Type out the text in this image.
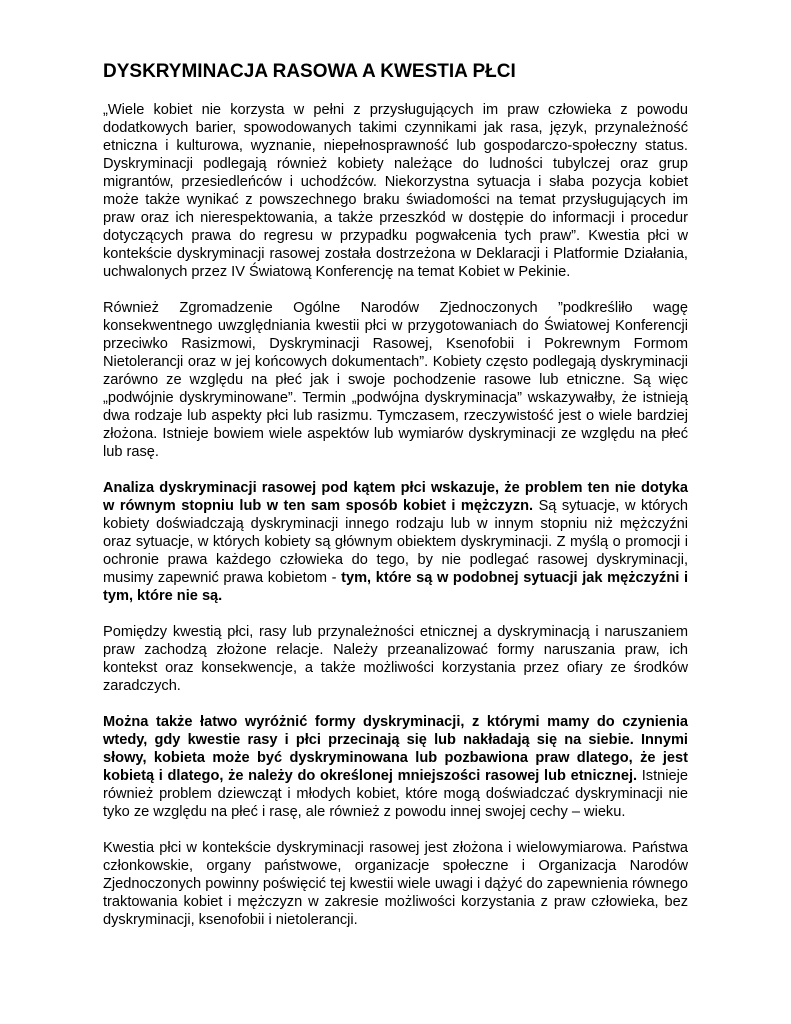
DYSKRYMINACJA RASOWA A KWESTIA PŁCI

„Wiele kobiet nie korzysta w pełni z przysługujących im praw człowieka z powodu dodatkowych barier, spowodowanych takimi czynnikami jak rasa, język, przynależność etniczna i kulturowa, wyznanie, niepełnosprawność lub gospodarczo-społeczny status. Dyskryminacji podlegają również kobiety należące do ludności tubylczej oraz grup migrantów, przesiedleńców i uchodźców. Niekorzystna sytuacja i słaba pozycja kobiet może także wynikać z powszechnego braku świadomości na temat przysługujących im praw oraz ich nierespektowania, a także przeszkód w dostępie do informacji i procedur dotyczących prawa do regresu w przypadku pogwałcenia tych praw”. Kwestia płci w kontekście dyskryminacji rasowej została dostrzeżona w Deklaracji i Platformie Działania, uchwalonych przez IV Światową Konferencję na temat Kobiet w Pekinie.

Również Zgromadzenie Ogólne Narodów Zjednoczonych ”podkreśliło wagę konsekwentnego uwzględniania kwestii płci w przygotowaniach do Światowej Konferencji przeciwko Rasizmowi, Dyskryminacji Rasowej, Ksenofobii i Pokrewnym Formom Nietolerancji oraz w jej końcowych dokumentach”. Kobiety często podlegają dyskryminacji zarówno ze względu na płeć jak i swoje pochodzenie rasowe lub etniczne. Są więc „podwójnie dyskryminowane”. Termin „podwójna dyskryminacja” wskazywałby, że istnieją dwa rodzaje lub aspekty płci lub rasizmu. Tymczasem, rzeczywistość jest o wiele bardziej złożona. Istnieje bowiem wiele aspektów lub wymiarów dyskryminacji ze względu na płeć lub rasę.

Analiza dyskryminacji rasowej pod kątem płci wskazuje, że problem ten nie dotyka w równym stopniu lub w ten sam sposób kobiet i mężczyzn. Są sytuacje, w których kobiety doświadczają dyskryminacji innego rodzaju lub w innym stopniu niż mężczyźni oraz sytuacje, w których kobiety są głównym obiektem dyskryminacji. Z myślą o promocji i ochronie prawa każdego człowieka do tego, by nie podlegać rasowej dyskryminacji, musimy zapewnić prawa kobietom - tym, które są w podobnej sytuacji jak mężczyźni i tym, które nie są.

Pomiędzy kwestią płci, rasy lub przynależności etnicznej a dyskryminacją i naruszaniem praw zachodzą złożone relacje. Należy przeanalizować formy naruszania praw, ich kontekst oraz konsekwencje, a także możliwości korzystania przez ofiary ze środków zaradczych.

Można także łatwo wyróżnić formy dyskryminacji, z którymi mamy do czynienia wtedy, gdy kwestie rasy i płci przecinają się lub nakładają się na siebie. Innymi słowy, kobieta może być dyskryminowana lub pozbawiona praw dlatego, że jest kobietą i dlatego, że należy do określonej mniejszości rasowej lub etnicznej. Istnieje również problem dziewcząt i młodych kobiet, które mogą doświadczać dyskryminacji nie tyko ze względu na płeć i rasę, ale również z powodu innej swojej cechy – wieku.

Kwestia płci w kontekście dyskryminacji rasowej jest złożona i wielowymiarowa. Państwa członkowskie, organy państwowe, organizacje społeczne i Organizacja Narodów Zjednoczonych powinny poświęcić tej kwestii wiele uwagi i dążyć do zapewnienia równego traktowania kobiet i mężczyzn w zakresie możliwości korzystania z praw człowieka, bez dyskryminacji, ksenofobii i nietolerancji.
